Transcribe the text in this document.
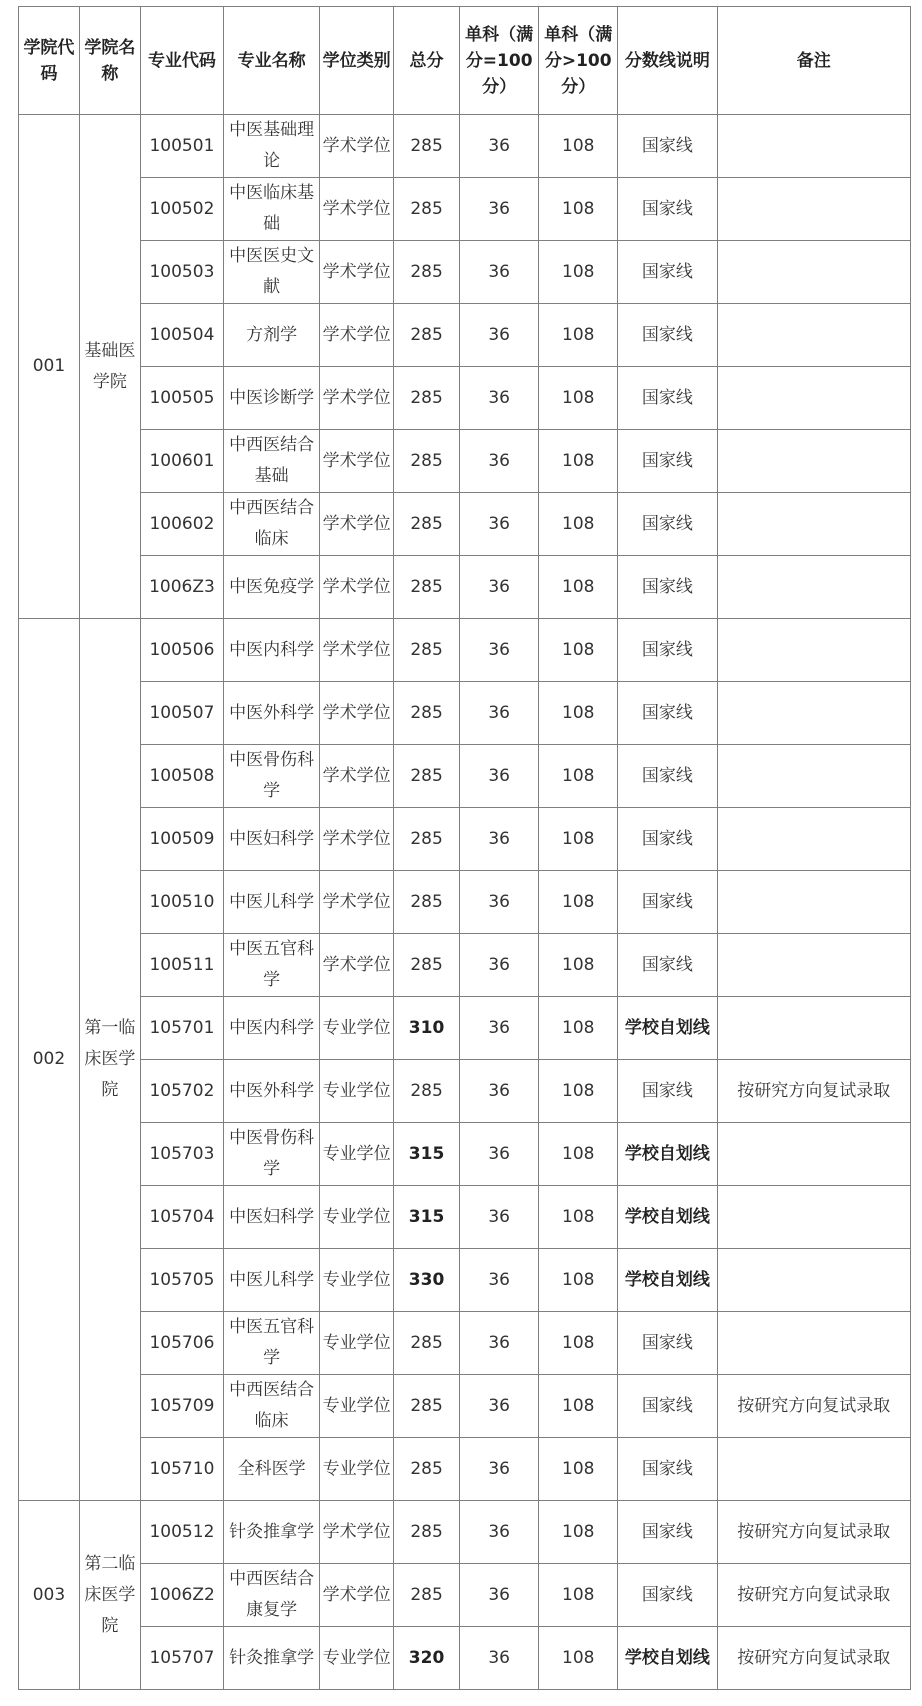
学院代码	学院名称	专业代码	专业名称	学位类别	总分	单科（满分=100分）	单科（满分>100分）	分数线说明	备注
001	基础医学院	100501	中医基础理论	学术学位	285	36	108	国家线	
		100502	中医临床基础	学术学位	285	36	108	国家线	
		100503	中医医史文献	学术学位	285	36	108	国家线	
		100504	方剂学	学术学位	285	36	108	国家线	
		100505	中医诊断学	学术学位	285	36	108	国家线	
		100601	中西医结合基础	学术学位	285	36	108	国家线	
		100602	中西医结合临床	学术学位	285	36	108	国家线	
		1006Z3	中医免疫学	学术学位	285	36	108	国家线	
002	第一临床医学院	100506	中医内科学	学术学位	285	36	108	国家线	
		100507	中医外科学	学术学位	285	36	108	国家线	
		100508	中医骨伤科学	学术学位	285	36	108	国家线	
		100509	中医妇科学	学术学位	285	36	108	国家线	
		100510	中医儿科学	学术学位	285	36	108	国家线	
		100511	中医五官科学	学术学位	285	36	108	国家线	
		105701	中医内科学	专业学位	310	36	108	学校自划线	
		105702	中医外科学	专业学位	285	36	108	国家线	按研究方向复试录取
		105703	中医骨伤科学	专业学位	315	36	108	学校自划线	
		105704	中医妇科学	专业学位	315	36	108	学校自划线	
		105705	中医儿科学	专业学位	330	36	108	学校自划线	
		105706	中医五官科学	专业学位	285	36	108	国家线	
		105709	中西医结合临床	专业学位	285	36	108	国家线	按研究方向复试录取
		105710	全科医学	专业学位	285	36	108	国家线	
003	第二临床医学院	100512	针灸推拿学	学术学位	285	36	108	国家线	按研究方向复试录取
		1006Z2	中西医结合康复学	学术学位	285	36	108	国家线	按研究方向复试录取
		105707	针灸推拿学	专业学位	320	36	108	学校自划线	按研究方向复试录取
